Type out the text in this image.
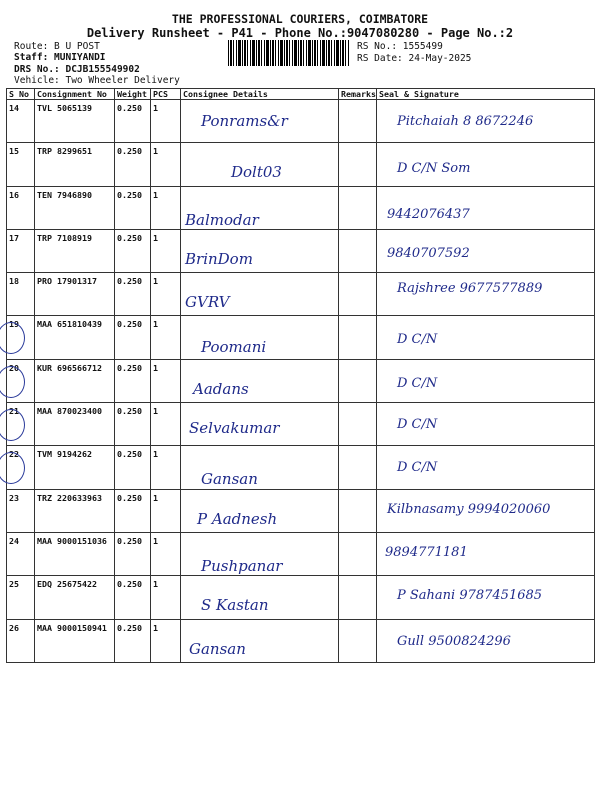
THE PROFESSIONAL COURIERS, COIMBATORE
Delivery Runsheet - P41 - Phone No.:9047080280 - Page No.:2
Route: B U POST
Staff: MUNIYANDI
DRS No.: DCJB155549902
Vehicle: Two Wheeler Delivery
RS No.: 1555499
RS Date: 24-May-2025
S No	Consignment No	Weight	PCS	Consignee Details	Remarks	Seal & Signature
14	TVL 5065139	0.250	1	Ponrams&r		Pitchaiah 8 8672246

15	TRP 8299651	0.250	1	Dolt03		D C/N Som

16	TEN 7946890	0.250	1	Balmodar		9442076437

17	TRP 7108919	0.250	1	BrinDom		9840707592

18	PRO 17901317	0.250	1	GVRV		Rajshree 9677577889

19	MAA 651810439	0.250	1	Poomani		D C/N

20	KUR 696566712	0.250	1	Aadans		D C/N

21	MAA 870023400	0.250	1	Selvakumar		D C/N

22	TVM 9194262	0.250	1	Gansan		D C/N

23	TRZ 220633963	0.250	1	P Aadnesh		Kilbnasamy 9994020060

24	MAA 9000151036	0.250	1	Pushpanar		9894771181

25	EDQ 25675422	0.250	1	S Kastan		P Sahani 9787451685

26	MAA 9000150941	0.250	1	Gansan		Gull 9500824296
